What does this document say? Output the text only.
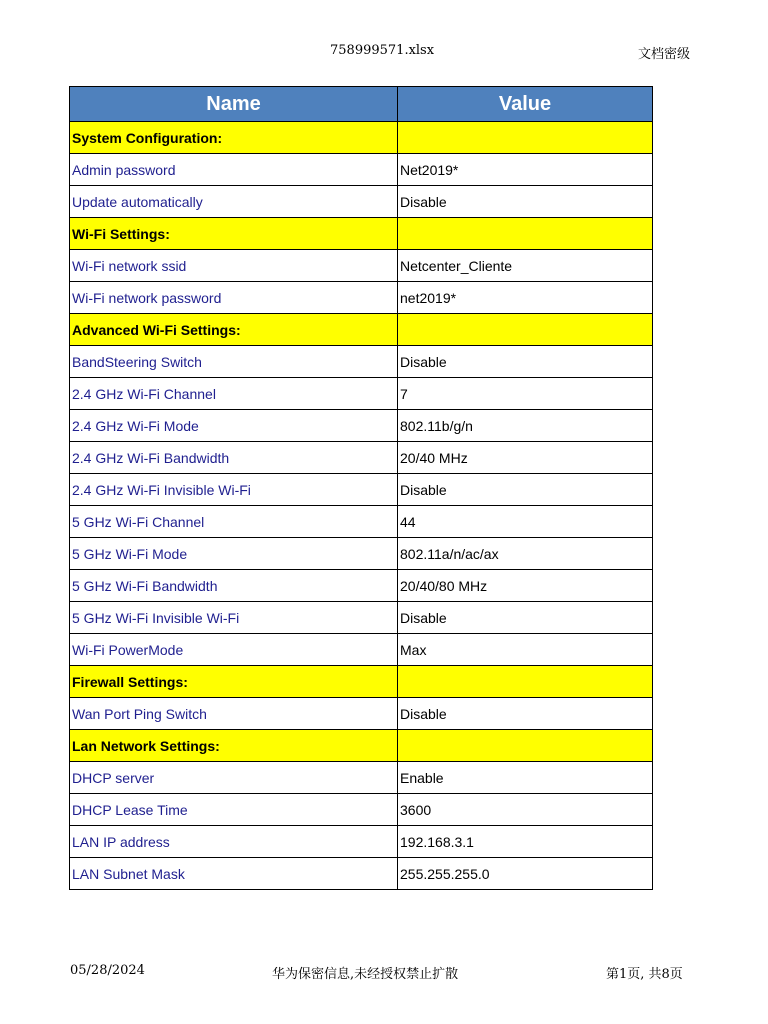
758999571.xlsx	文档密级
Name	Value
System Configuration:	
Admin password	Net2019*
Update automatically	Disable
Wi-Fi Settings:	
Wi-Fi network ssid	Netcenter_Cliente
Wi-Fi network password	net2019*
Advanced Wi-Fi Settings:	
BandSteering Switch	Disable
2.4 GHz Wi-Fi Channel	7
2.4 GHz Wi-Fi Mode	802.11b/g/n
2.4 GHz Wi-Fi Bandwidth	20/40 MHz
2.4 GHz Wi-Fi Invisible Wi-Fi	Disable
5 GHz Wi-Fi Channel	44
5 GHz Wi-Fi Mode	802.11a/n/ac/ax
5 GHz Wi-Fi Bandwidth	20/40/80 MHz
5 GHz Wi-Fi Invisible Wi-Fi	Disable
Wi-Fi PowerMode	Max
Firewall Settings:	
Wan Port Ping Switch	Disable
Lan Network Settings:	
DHCP server	Enable
DHCP Lease Time	3600
LAN IP address	192.168.3.1
LAN Subnet Mask	255.255.255.0
05/28/2024	华为保密信息,未经授权禁止扩散	第1页, 共8页
